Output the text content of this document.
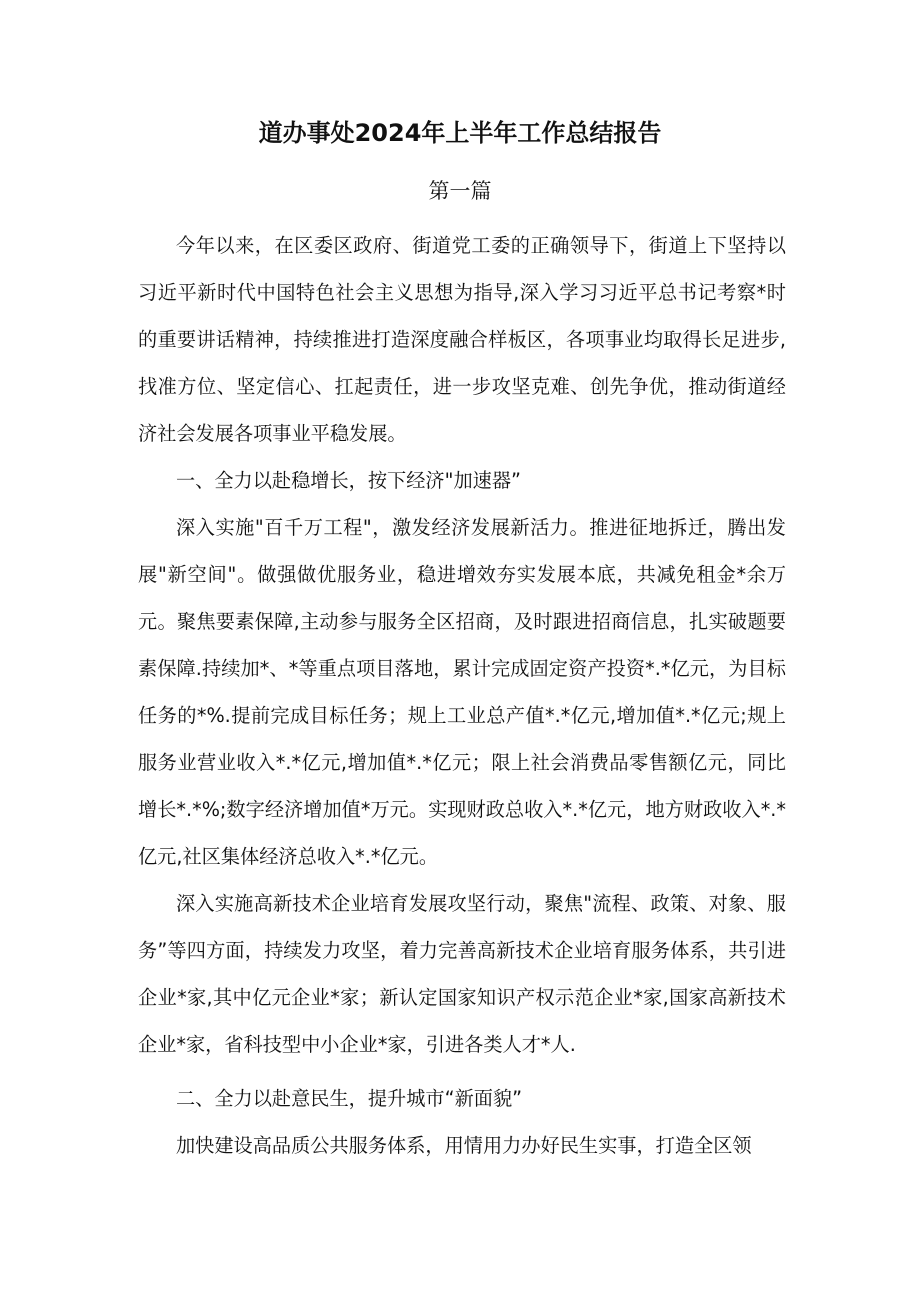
道办事处2024年上半年工作总结报告
第一篇

今年以来，在区委区政府、街道党工委的正确领导下，街道上下坚持以习近平新时代中国特色社会主义思想为指导,深入学习习近平总书记考察*时的重要讲话精神，持续推进打造深度融合样板区，各项事业均取得长足进步,找准方位、坚定信心、扛起责任，进一步攻坚克难、创先争优，推动街道经济社会发展各项事业平稳发展。

一、全力以赴稳增长，按下经济"加速器”

深入实施"百千万工程"，激发经济发展新活力。推进征地拆迁，腾出发展"新空间"。做强做优服务业，稳进增效夯实发展本底，共减免租金*余万元。聚焦要素保障,主动参与服务全区招商，及时跟进招商信息，扎实破题要素保障.持续加*、*等重点项目落地，累计完成固定资产投资*.*亿元，为目标任务的*%.提前完成目标任务；规上工业总产值*.*亿元,增加值*.*亿元;规上服务业营业收入*.*亿元,增加值*.*亿元；限上社会消费品零售额亿元，同比增长*.*%;数字经济增加值*万元。实现财政总收入*.*亿元，地方财政收入*.*亿元,社区集体经济总收入*.*亿元。

深入实施高新技术企业培育发展攻坚行动，聚焦"流程、政策、对象、服务”等四方面，持续发力攻坚，着力完善高新技术企业培育服务体系，共引进企业*家,其中亿元企业*家；新认定国家知识产权示范企业*家,国家高新技术企业*家，省科技型中小企业*家，引进各类人才*人.

二、全力以赴意民生，提升城市“新面貌”

加快建设高品质公共服务体系，用情用力办好民生实事，打造全区领
